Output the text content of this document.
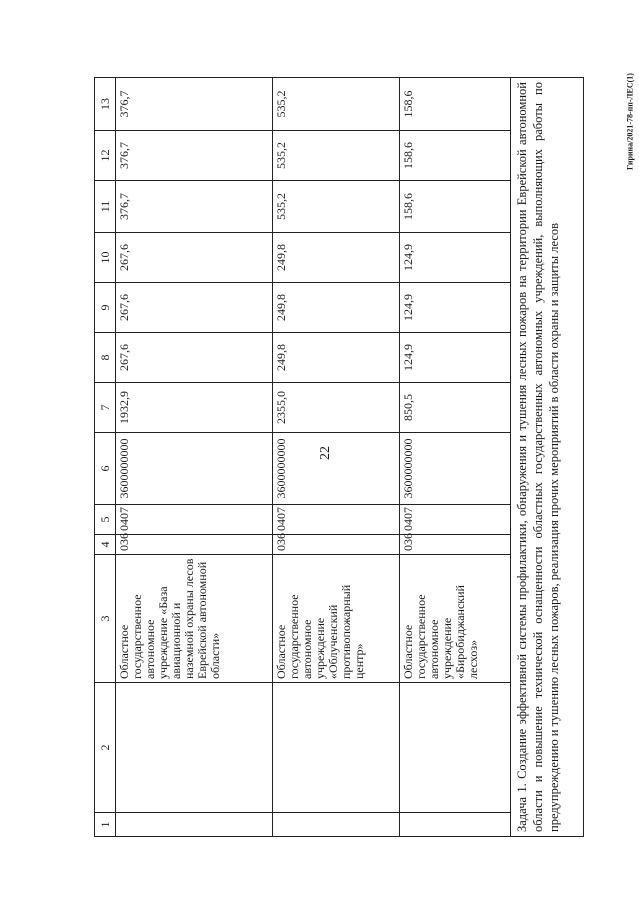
22
Гирина/2021-78-пп-ЛЕС(1)
1	2	3	4	5	6	7	8	9	10	11	12	13
		Областное государственное автономное учреждение «База авиационной и наземной охраны лесов Еврейской автономной области»	036	0407	3600000000	1932,9	267,6	267,6	267,6	376,7	376,7	376,7
		Областное государственное автономное учреждение «Облученский противопожарный центр»	036	0407	3600000000	2355,0	249,8	249,8	249,8	535,2	535,2	535,2
		Областное государственное автономное учреждение «Биробиджанский лесхоз»	036	0407	3600000000	850,5	124,9	124,9	124,9	158,6	158,6	158,6
Задача 1. Создание эффективной системы профилактики, обнаружения и тушения лесных пожаров на территории Еврейской автономной области и повышение технической оснащенности областных государственных автономных учреждений, выполняющих работы по предупреждению и тушению лесных пожаров, реализация прочих мероприятий в области охраны и защиты лесов												
